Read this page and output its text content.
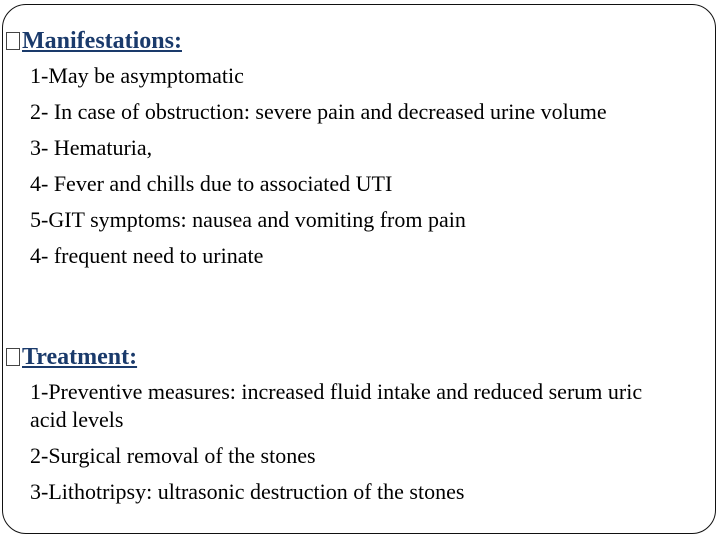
Manifestations:
1-May be asymptomatic
2- In case of obstruction: severe pain and decreased urine volume
3- Hematuria,
4- Fever and chills due to associated UTI
5-GIT symptoms: nausea and vomiting from pain
4- frequent need to urinate
Treatment:
1-Preventive measures: increased fluid intake and reduced serum uric acid levels
2-Surgical removal of the stones
3-Lithotripsy: ultrasonic destruction of the stones
